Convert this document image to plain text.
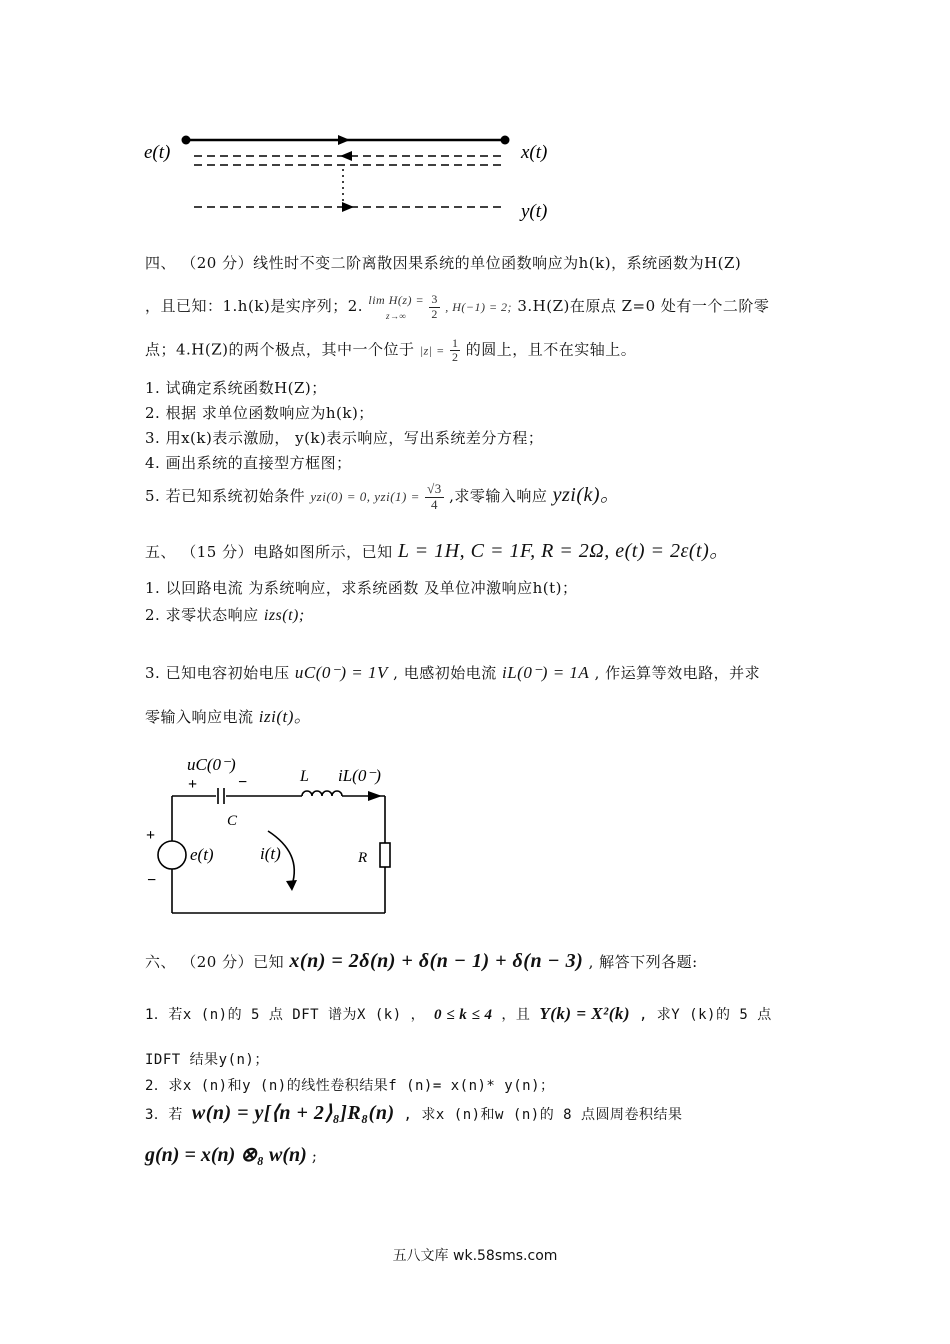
e(t)	x(t)
y(t)
四、 （20 分）线性时不变二阶离散因果系统的单位函数响应为h(k)，系统函数为H(Z)
，且已知：1.h(k)是实序列；2. lim H(z) =
$z\to\infty \frac{3}{2}$ , H(−1) = 2; 3.H(Z)在原点 Z=0 处有一个二阶零
点；4.H(Z)的两个极点，其中一个位于 $|z| = \frac{1}{2}$ 的圆上，且不在实轴上。
1. 试确定系统函数H(Z)；
2. 根据 求单位函数响应为h(k)；
3. 用x(k)表示激励， y(k)表示响应，写出系统差分方程；
4. 画出系统的直接型方框图；
5. 若已知系统初始条件 yzi(0) = 0, $yzi(1) = \frac{√3}{4}$ ,求零输入响应 yzi(k)。
五、 （15 分）电路如图所示，已知 L = 1H, C = 1F, R = 2Ω, e(t) = 2ε(t)。
1. 以回路电流 为系统响应，求系统函数 及单位冲激响应h(t)；
2. 求零状态响应 izs(t);
3. 已知电容初始电压 uC(0⁻) = 1V , 电感初始电流 iL(0⁻) = 1A , 作运算等效电路，并求
零输入响应电流 izi(t)。
uC(0⁻)
+	−	L iL(0⁻)
C
+
−
e(t)	i(t)	R
六、 （20 分）已知 x(n) = 2δ(n) + δ(n − 1) + δ(n − 3) , 解答下列各题:
1．若x (n)的 5 点 DFT 谱为X (k) ， 0 ≤ k ≤ 4 ，且 Y(k) = X²(k) , 求Y (k)的 5 点
IDFT 结果y(n)；
2．求x (n)和y (n)的线性卷积结果f (n)= x(n)* y(n)；
3．若 w(n) = y[⟨n + 2⟩₈]R₈(n) , 求x (n)和w (n)的 8 点圆周卷积结果
g(n) = x(n) ⊗₈ w(n) ;
五八文库 wk.58sms.com
